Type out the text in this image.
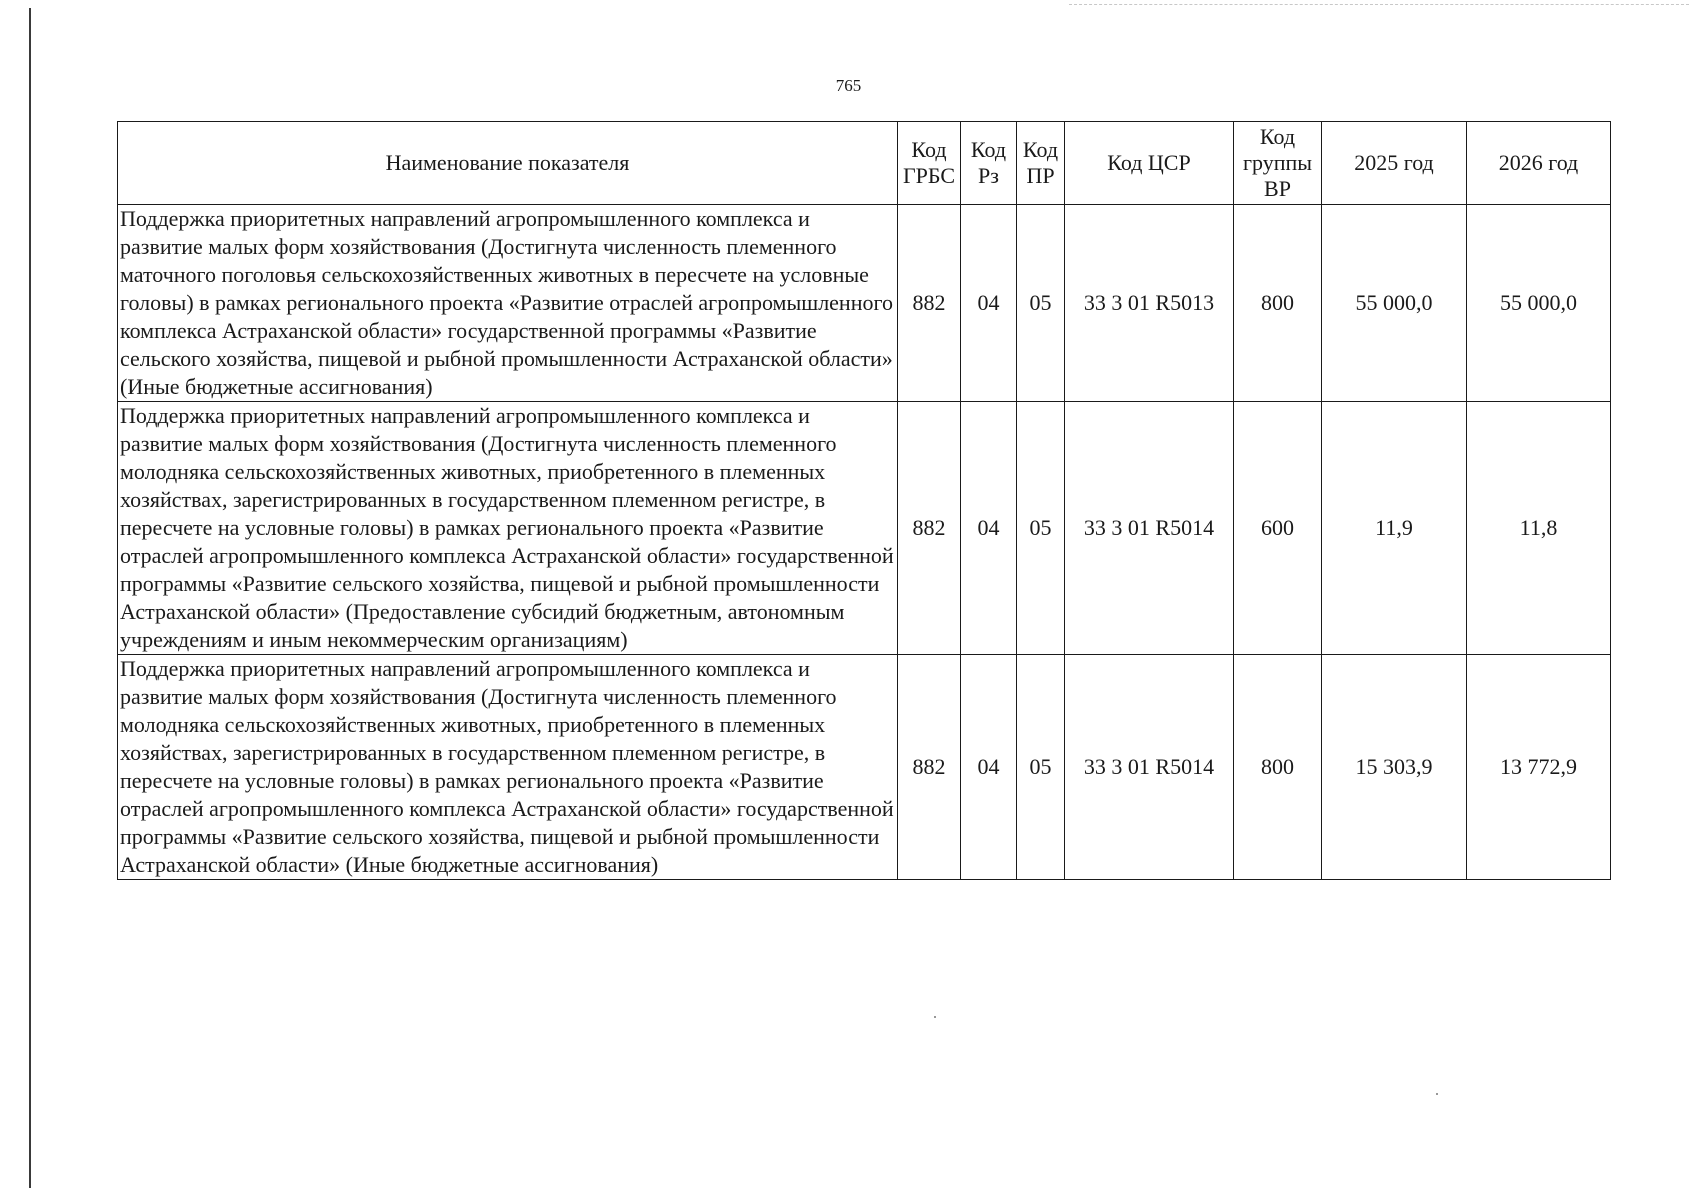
765
Наименование показателя	Код ГРБС	Код Рз	Код ПР	Код ЦСР	Код группы ВР	2025 год	2026 год
Поддержка приоритетных направлений агропромышленного комплекса и развитие малых форм хозяйствования (Достигнута численность племенного маточного поголовья сельскохозяйственных животных в пересчете на условные головы) в рамках регионального проекта «Развитие отраслей агропромышленного комплекса Астраханской области» государственной программы «Развитие сельского хозяйства, пищевой и рыбной промышленности Астраханской области» (Иные бюджетные ассигнования)	882	04	05	33 3 01 R5013	800	55 000,0	55 000,0
Поддержка приоритетных направлений агропромышленного комплекса и развитие малых форм хозяйствования (Достигнута численность племенного молодняка сельскохозяйственных животных, приобретенного в племенных хозяйствах, зарегистрированных в государственном племенном регистре, в пересчете на условные головы) в рамках регионального проекта «Развитие отраслей агропромышленного комплекса Астраханской области» государственной программы «Развитие сельского хозяйства, пищевой и рыбной промышленности Астраханской области» (Предоставление субсидий бюджетным, автономным учреждениям и иным некоммерческим организациям)	882	04	05	33 3 01 R5014	600	11,9	11,8
Поддержка приоритетных направлений агропромышленного комплекса и развитие малых форм хозяйствования (Достигнута численность племенного молодняка сельскохозяйственных животных, приобретенного в племенных хозяйствах, зарегистрированных в государственном племенном регистре, в пересчете на условные головы) в рамках регионального проекта «Развитие отраслей агропромышленного комплекса Астраханской области» государственной программы «Развитие сельского хозяйства, пищевой и рыбной промышленности Астраханской области» (Иные бюджетные ассигнования)	882	04	05	33 3 01 R5014	800	15 303,9	13 772,9
